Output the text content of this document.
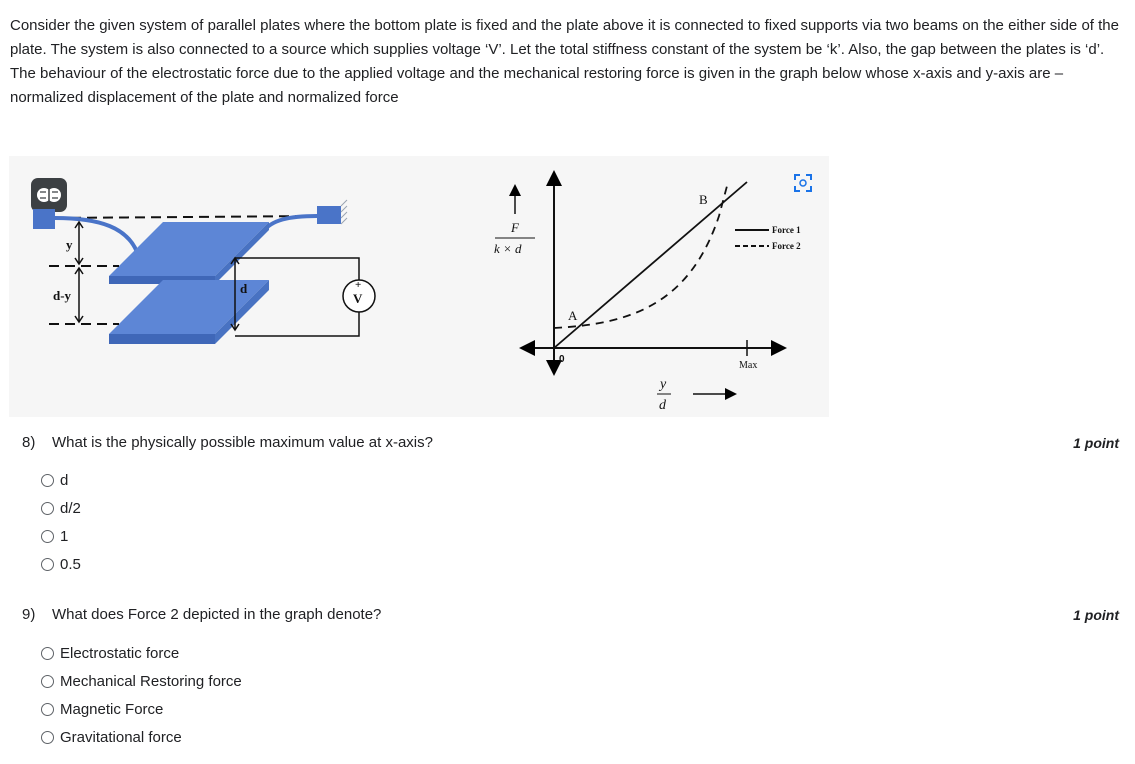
Consider the given system of parallel plates where the bottom plate is fixed and the plate above it is connected to fixed supports via two beams on the either side of the plate. The system is also connected to a source which supplies voltage ‘V’. Let the total stiffness constant of the system be ‘k’. Also, the gap between the plates is ‘d’. The behaviour of the electrostatic force due to the applied voltage and the mechanical restoring force is given in the graph below whose x-axis and y-axis are – normalized displacement of the plate and normalized force

y
d-y	d	+
V
F
k × d
0
A
B
Max
y
d
Force 1
Force 2
8) What is the physically possible maximum value at x-axis?	1 point
d
d/2
1
0.5
9) What does Force 2 depicted in the graph denote?	1 point
Electrostatic force
Mechanical Restoring force
Magnetic Force
Gravitational force
